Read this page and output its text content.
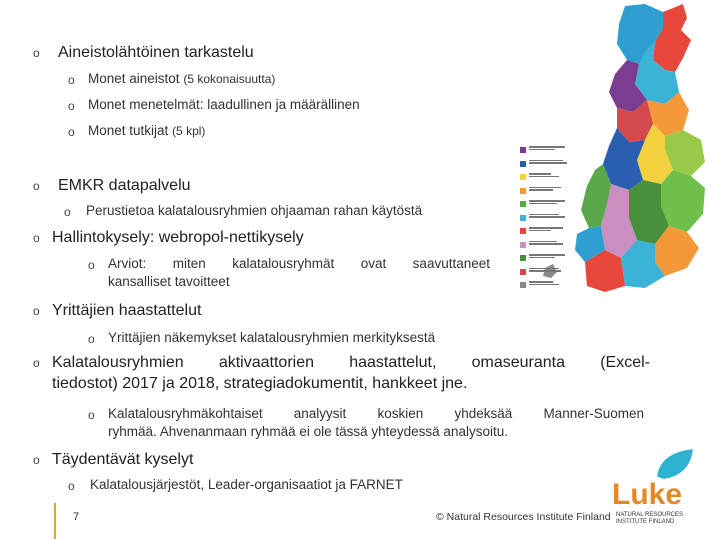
o Aineistolähtöinen tarkastelu

o Monet aineistot (5 kokonaisuutta)

o Monet menetelmät: laadullinen ja määrällinen

o Monet tutkijat (5 kpl)

o EMKR datapalvelu

o Perustietoa kalatalousryhmien ohjaaman rahan käytöstä

o Hallintokysely: webropol-nettikysely

o Arviot: miten kalatalousryhmät ovat saavuttaneet

kansalliset tavoitteet

o Yrittäjien haastattelut

o Yrittäjien näkemykset kalatalousryhmien merkityksestä

o Kalatalousryhmien aktivaattorien haastattelut, omaseuranta (Excel-

tiedostot) 2017 ja 2018, strategiadokumentit, hankkeet jne.

o Kalatalousryhmäkohtaiset analyysit koskien yhdeksää Manner-Suomen

ryhmää. Ahvenanmaan ryhmää ei ole tässä yhteydessä analysoitu.

o Täydentävät kyselyt

o Kalatalousjärjestöt, Leader-organisaatiot ja FARNET

7	© Natural Resources Institute Finland
Luke
NATURAL RESOURCES
INSTITUTE FINLAND
